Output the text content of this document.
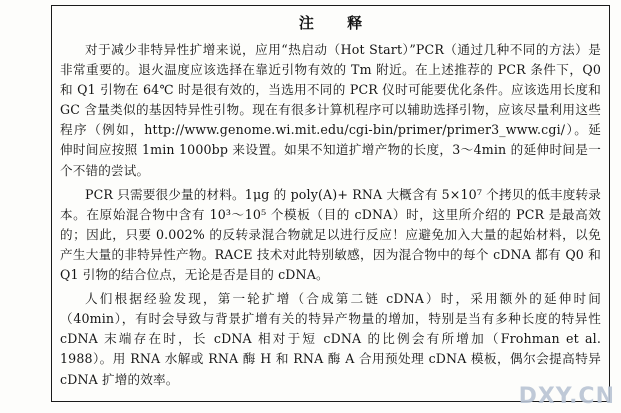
注 释

对于减少非特异性扩增来说，应用“热启动（Hot Start）”PCR（通过几种不同的方法）是非常重要的。退火温度应该选择在靠近引物有效的 Tm 附近。在上述推荐的 PCR 条件下，Q0 和 Q1 引物在 64℃ 时是很有效的，当选用不同的 PCR 仪时可能要优化条件。应该选用长度和 GC 含量类似的基因特异性引物。现在有很多计算机程序可以辅助选择引物，应该尽量利用这些程序（例如，http://www.genome.wi.mit.edu/cgi-bin/primer/primer3_www.cgi/）。延伸时间应按照 1min 1000bp 来设置。如果不知道扩增产物的长度，3～4min 的延伸时间是一个不错的尝试。

PCR 只需要很少量的材料。1μg 的 poly(A)+ RNA 大概含有 5×10⁷ 个拷贝的低丰度转录本。在原始混合物中含有 10³～10⁵ 个模板（目的 cDNA）时，这里所介绍的 PCR 是最高效的；因此，只要 0.002% 的反转录混合物就足以进行反应！应避免加入大量的起始材料，以免产生大量的非特异性产物。RACE 技术对此特别敏感，因为混合物中的每个 cDNA 都有 Q0 和 Q1 引物的结合位点，无论是否是目的 cDNA。

人们根据经验发现，第一轮扩增（合成第二链 cDNA）时，采用额外的延伸时间（40min），有时会导致与背景扩增有关的特异产物量的增加，特别是当有多种长度的特异性 cDNA 末端存在时，长 cDNA 相对于短 cDNA 的比例会有所增加（Frohman et al. 1988）。用 RNA 水解或 RNA 酶 H 和 RNA 酶 A 合用预处理 cDNA 模板，偶尔会提高特异 cDNA 扩增的效率。

DXY.CN
